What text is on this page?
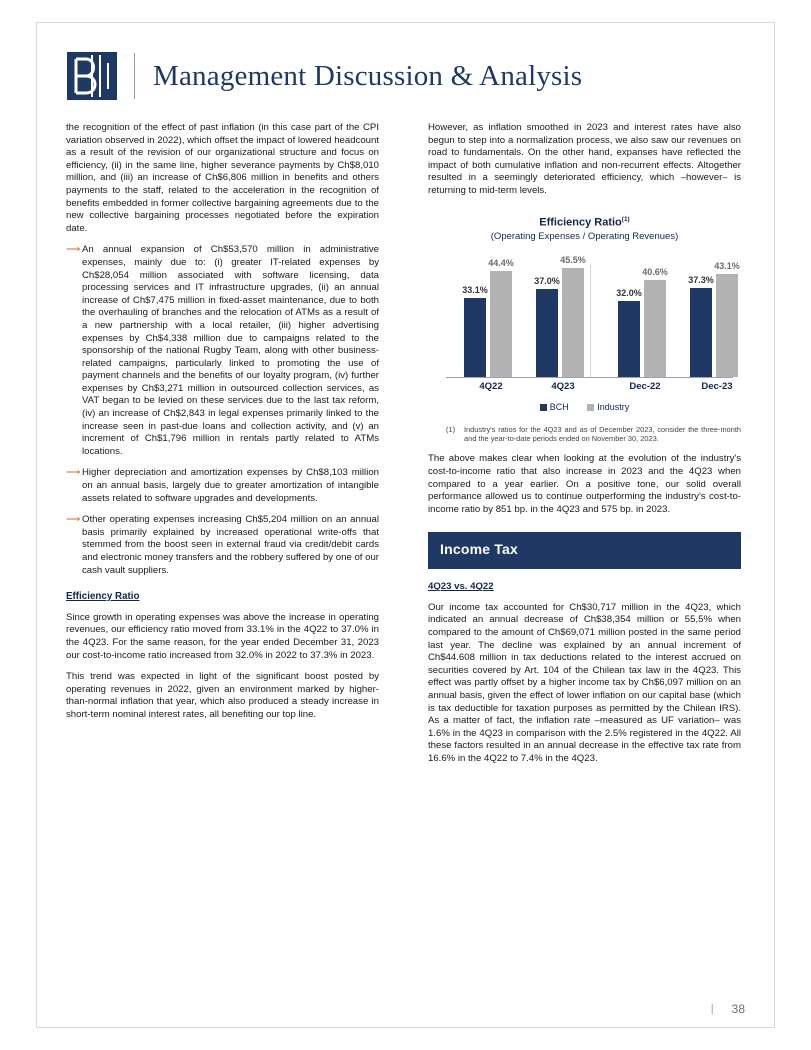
Management Discussion & Analysis

the recognition of the effect of past inflation (in this case part of the CPI variation observed in 2022), which offset the impact of lowered headcount as a result of the revision of our organizational structure and focus on efficiency, (ii) in the same line, higher severance payments by Ch$8,010 million, and (iii) an increase of Ch$6,806 million in benefits and others payments to the staff, related to the acceleration in the recognition of benefits embedded in former collective bargaining agreements due to the new collective bargaining processes negotiated before the expiration date.

⟶ An annual expansion of Ch$53,570 million in administrative expenses, mainly due to: (i) greater IT-related expenses by Ch$28,054 million associated with software licensing, data processing services and IT infrastructure upgrades, (ii) an annual increase of Ch$7,475 million in fixed-asset maintenance, due to both the overhauling of branches and the relocation of ATMs as a result of a new partnership with a local retailer, (iii) higher advertising expenses by Ch$4,338 million due to campaigns related to the sponsorship of the national Rugby Team, along with other business-related campaigns, particularly linked to promoting the use of payment channels and the benefits of our loyalty program, (iv) further expenses by Ch$3,271 million in outsourced collection services, as VAT began to be levied on these services due to the last tax reform, (iv) an increase of Ch$2,843 in legal expenses primarily linked to the increase seen in past-due loans and collection activity, and (v) an increment of Ch$1,796 million in rentals partly related to ATMs locations.
⟶ Higher depreciation and amortization expenses by Ch$8,103 million on an annual basis, largely due to greater amortization of intangible assets related to software upgrades and developments.
⟶ Other operating expenses increasing Ch$5,204 million on an annual basis primarily explained by increased operational write-offs that stemmed from the boost seen in external fraud via credit/debit cards and electronic money transfers and the robbery suffered by one of our cash vault suppliers.
Efficiency Ratio

Since growth in operating expenses was above the increase in operating revenues, our efficiency ratio moved from 33.1% in the 4Q22 to 37.0% in the 4Q23. For the same reason, for the year ended December 31, 2023 our cost-to-income ratio increased from 32.0% in 2022 to 37.3% in 2023.

This trend was expected in light of the significant boost posted by operating revenues in 2022, given an environment marked by higher-than-normal inflation that year, which also produced a steady increase in short-term nominal interest rates, all benefiting our top line.

However, as inflation smoothed in 2023 and interest rates have also begun to step into a normalization process, we also saw our revenues on road to fundamentals. On the other hand, expanses have reflected the impact of both cumulative inflation and non-recurrent effects. Altogether resulted in a seemingly deteriorated efficiency, which –however– is returning to mid-term levels.

Efficiency Ratio$^{(1)}$
(Operating Expenses / Operating Revenues)
33.1%
44.4%
4Q22
37.0%
45.5%
4Q23
32.0%
40.6%
Dec-22
37.3%
43.1%
Dec-23
BCH	Industry
(1)	Industry's ratios for the 4Q23 and as of December 2023, consider the three-month and the year-to-date periods ended on November 30, 2023.

The above makes clear when looking at the evolution of the industry's cost-to-income ratio that also increase in 2023 and the 4Q23 when compared to a year earlier. On a positive tone, our solid overall performance allowed us to continue outperforming the industry's cost-to-income ratio by 851 bp. in the 4Q23 and 575 bp. in 2023.

Income Tax
4Q23 vs. 4Q22

Our income tax accounted for Ch$30,717 million in the 4Q23, which indicated an annual decrease of Ch$38,354 million or 55,5% when compared to the amount of Ch$69,071 million posted in the same period last year. The decline was explained by an annual increment of Ch$44.608 million in tax deductions related to the interest accrued on securities covered by Art. 104 of the Chilean tax law in the 4Q23. This effect was partly offset by a higher income tax by Ch$6,097 million on an annual basis, given the effect of lower inflation on our capital base (which is tax deductible for taxation purposes as permitted by the Chilean IRS). As a matter of fact, the inflation rate –measured as UF variation– was 1.6% in the 4Q23 in comparison with the 2.5% registered in the 4Q22. All these factors resulted in an annual decrease in the effective tax rate from 16.6% in the 4Q22 to 7.4% in the 4Q23.

| 38
